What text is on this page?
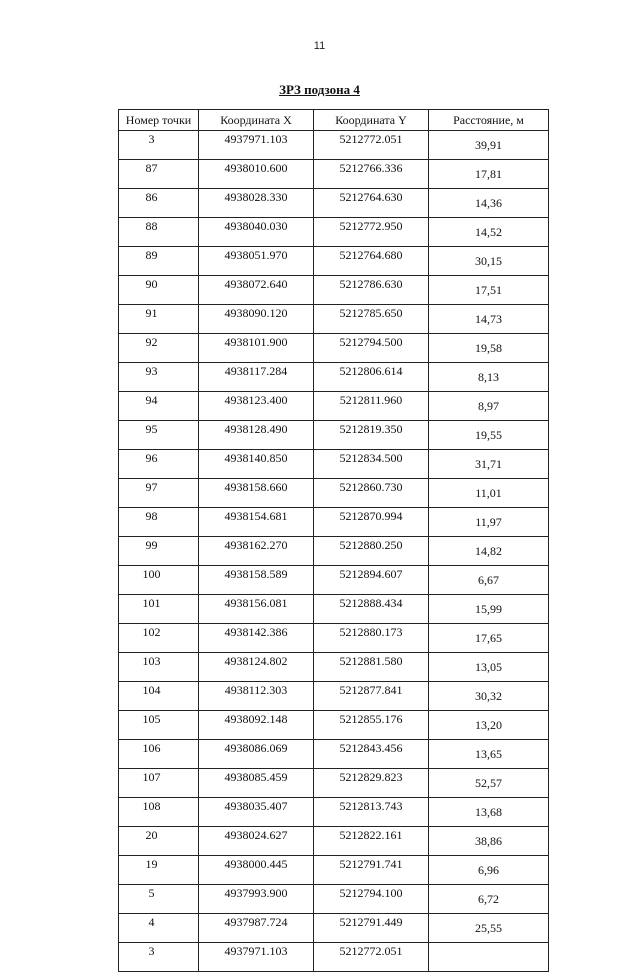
11
ЗРЗ подзона 4
Номер точки	Координата X	Координата Y	Расстояние, м
3	4937971.103	5212772.051	39,91
87	4938010.600	5212766.336	17,81
86	4938028.330	5212764.630	14,36
88	4938040.030	5212772.950	14,52
89	4938051.970	5212764.680	30,15
90	4938072.640	5212786.630	17,51
91	4938090.120	5212785.650	14,73
92	4938101.900	5212794.500	19,58
93	4938117.284	5212806.614	8,13
94	4938123.400	5212811.960	8,97
95	4938128.490	5212819.350	19,55
96	4938140.850	5212834.500	31,71
97	4938158.660	5212860.730	11,01
98	4938154.681	5212870.994	11,97
99	4938162.270	5212880.250	14,82
100	4938158.589	5212894.607	6,67
101	4938156.081	5212888.434	15,99
102	4938142.386	5212880.173	17,65
103	4938124.802	5212881.580	13,05
104	4938112.303	5212877.841	30,32
105	4938092.148	5212855.176	13,20
106	4938086.069	5212843.456	13,65
107	4938085.459	5212829.823	52,57
108	4938035.407	5212813.743	13,68
20	4938024.627	5212822.161	38,86
19	4938000.445	5212791.741	6,96
5	4937993.900	5212794.100	6,72
4	4937987.724	5212791.449	25,55
3	4937971.103	5212772.051	
